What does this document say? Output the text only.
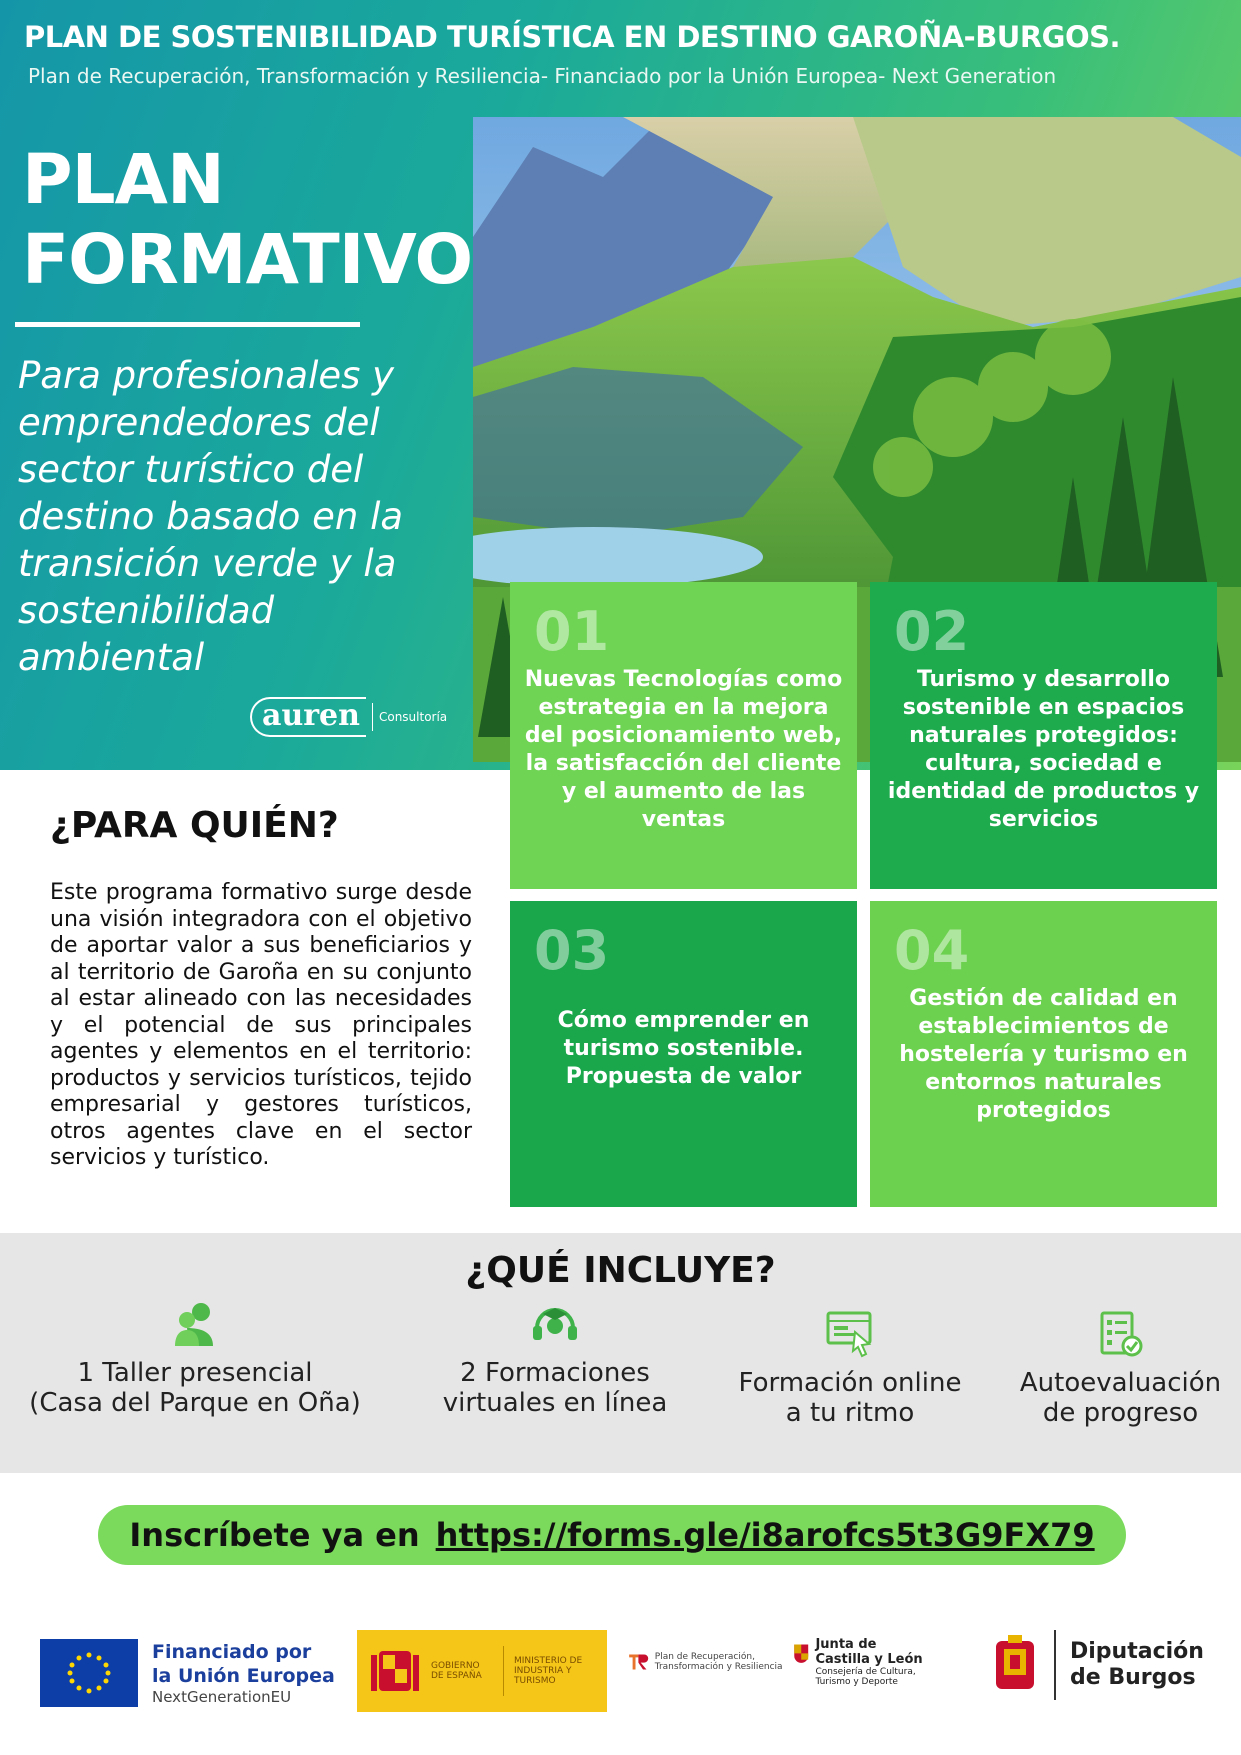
PLAN DE SOSTENIBILIDAD TURÍSTICA EN DESTINO GAROÑA-BURGOS.
Plan de Recuperación, Transformación y Resiliencia- Financiado por la Unión Europea- Next Generation
PLAN
FORMATIVO
Para profesionales y emprendedores del sector turístico del destino basado en la transición verde y la sostenibilidad ambiental
auren	Consultoría
01
Nuevas Tecnologías como estrategia en la mejora del posicionamiento web, la satisfacción del cliente y el aumento de las ventas
02
Turismo y desarrollo sostenible en espacios naturales protegidos: cultura, sociedad e identidad de productos y servicios
03
Cómo emprender en turismo sostenible. Propuesta de valor
04
Gestión de calidad en establecimientos de hostelería y turismo en entornos naturales protegidos
¿PARA QUIÉN?
Este programa formativo surge desde una visión integradora con el objetivo de aportar valor a sus beneficiarios y al territorio de Garoña en su conjunto al estar alineado con las necesidades y el potencial de sus principales agentes y elementos en el territorio: productos y servicios turísticos, tejido empresarial y gestores turísticos, otros agentes clave en el sector servicios y turístico.
¿QUÉ INCLUYE?
1 Taller presencial
(Casa del Parque en Oña)
2 Formaciones
virtuales en línea
Formación online
a tu ritmo
Autoevaluación
de progreso
Inscríbete ya en https://forms.gle/i8arofcs5t3G9FX79
Financiado por
la Unión Europea
NextGenerationEU
GOBIERNO DE ESPAÑA
MINISTERIO DE INDUSTRIA Y TURISMO
Plan de Recuperación, Transformación y Resiliencia
Junta de Castilla y León
Consejería de Cultura, Turismo y Deporte
Diputación
de Burgos
